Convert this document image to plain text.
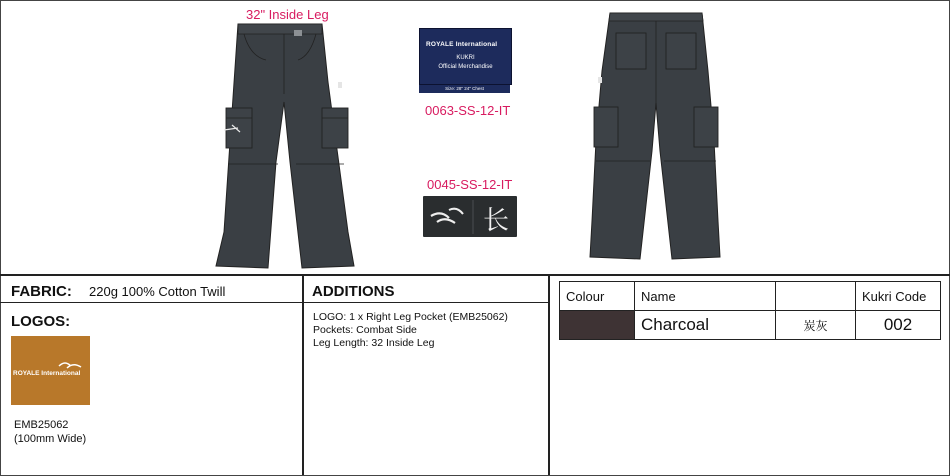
32" Inside Leg
ROYALE International
KUKRI
Official Merchandise
Size: 28" 24" Chest
0063-SS-12-IT
0045-SS-12-IT
长
FABRIC: 220g 100% Cotton Twill
LOGOS:
ROYALE International
EMB25062
(100mm Wide)
ADDITIONS
LOGO: 1 x Right Leg Pocket (EMB25062)
Pockets: Combat Side
Leg Length: 32 Inside Leg
Colour	Name		Kukri Code
	Charcoal	炭灰	002
